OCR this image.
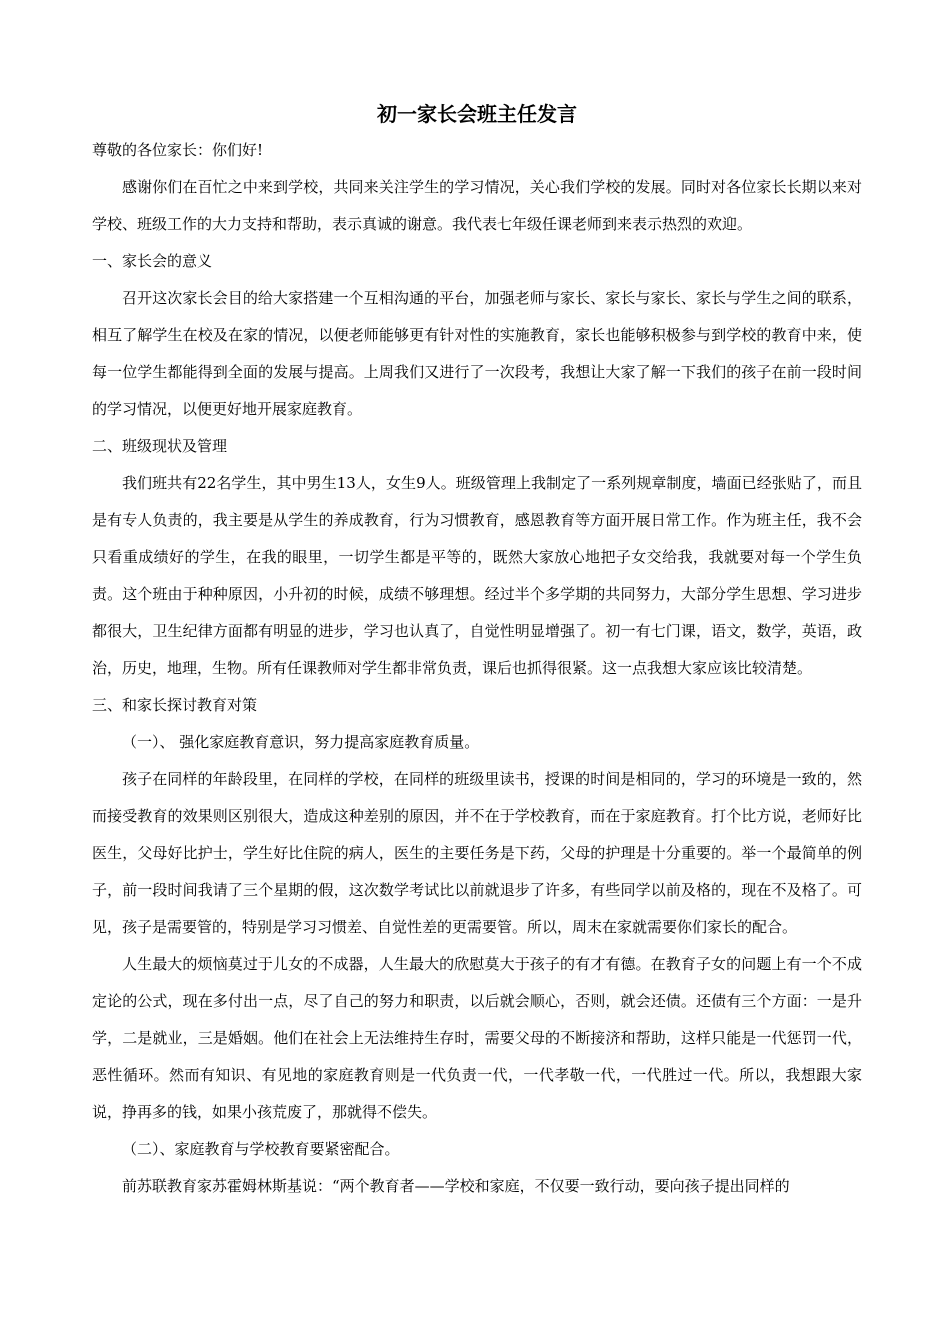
初一家长会班主任发言

尊敬的各位家长：你们好!

感谢你们在百忙之中来到学校，共同来关注学生的学习情况，关心我们学校的发展。同时对各位家长长期以来对学校、班级工作的大力支持和帮助，表示真诚的谢意。我代表七年级任课老师到来表示热烈的欢迎。

一、家长会的意义

召开这次家长会目的给大家搭建一个互相沟通的平台，加强老师与家长、家长与家长、家长与学生之间的联系，相互了解学生在校及在家的情况，以便老师能够更有针对性的实施教育，家长也能够积极参与到学校的教育中来，使每一位学生都能得到全面的发展与提高。上周我们又进行了一次段考，我想让大家了解一下我们的孩子在前一段时间的学习情况，以便更好地开展家庭教育。

二、班级现状及管理

我们班共有22名学生，其中男生13人，女生9人。班级管理上我制定了一系列规章制度，墙面已经张贴了，而且是有专人负责的，我主要是从学生的养成教育，行为习惯教育，感恩教育等方面开展日常工作。作为班主任，我不会只看重成绩好的学生，在我的眼里，一切学生都是平等的，既然大家放心地把子女交给我，我就要对每一个学生负责。这个班由于种种原因，小升初的时候，成绩不够理想。经过半个多学期的共同努力，大部分学生思想、学习进步都很大，卫生纪律方面都有明显的进步，学习也认真了，自觉性明显增强了。初一有七门课，语文，数学，英语，政治，历史，地理，生物。所有任课教师对学生都非常负责，课后也抓得很紧。这一点我想大家应该比较清楚。

三、和家长探讨教育对策

（一）、 强化家庭教育意识，努力提高家庭教育质量。

孩子在同样的年龄段里，在同样的学校，在同样的班级里读书，授课的时间是相同的，学习的环境是一致的，然而接受教育的效果则区别很大，造成这种差别的原因，并不在于学校教育，而在于家庭教育。打个比方说，老师好比医生，父母好比护士，学生好比住院的病人，医生的主要任务是下药，父母的护理是十分重要的。举一个最简单的例子，前一段时间我请了三个星期的假，这次数学考试比以前就退步了许多，有些同学以前及格的，现在不及格了。可见，孩子是需要管的，特别是学习习惯差、自觉性差的更需要管。所以，周末在家就需要你们家长的配合。

人生最大的烦恼莫过于儿女的不成器，人生最大的欣慰莫大于孩子的有才有德。在教育子女的问题上有一个不成定论的公式，现在多付出一点，尽了自己的努力和职责，以后就会顺心，否则，就会还债。还债有三个方面：一是升学，二是就业，三是婚姻。他们在社会上无法维持生存时，需要父母的不断接济和帮助，这样只能是一代惩罚一代，恶性循环。然而有知识、有见地的家庭教育则是一代负责一代，一代孝敬一代，一代胜过一代。所以，我想跟大家说，挣再多的钱，如果小孩荒废了，那就得不偿失。

（二）、家庭教育与学校教育要紧密配合。

前苏联教育家苏霍姆林斯基说：“两个教育者——学校和家庭，不仅要一致行动，要向孩子提出同样的
